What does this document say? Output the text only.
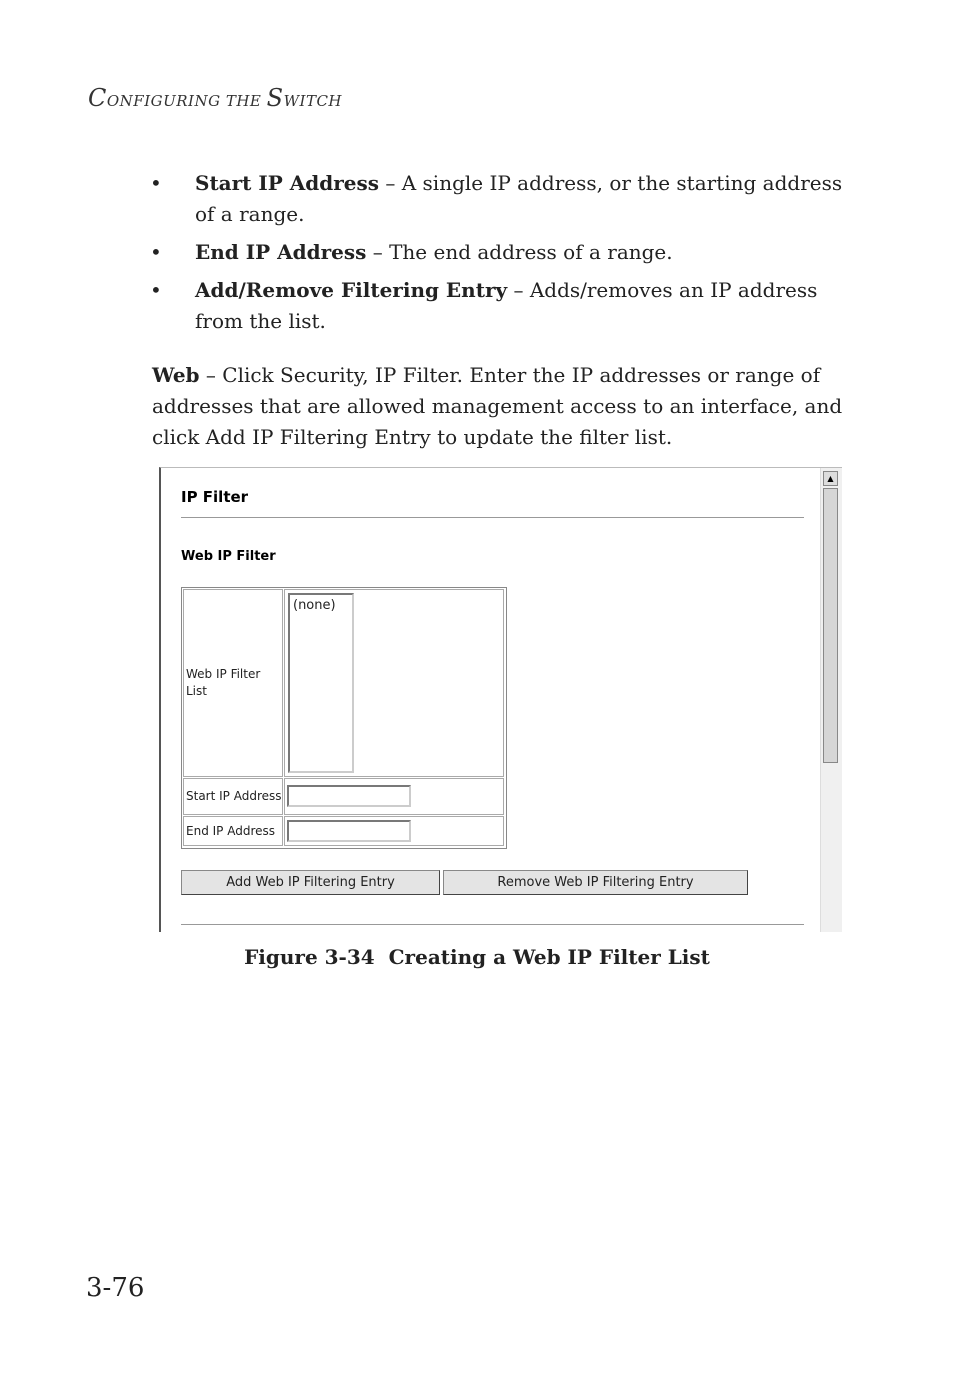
CONFIGURING THE SWITCH
• Start IP Address – A single IP address, or the starting address of a range.
• End IP Address – The end address of a range.
• Add/Remove Filtering Entry – Adds/removes an IP address from the list.

Web – Click Security, IP Filter. Enter the IP addresses or range of addresses that are allowed management access to an interface, and click Add IP Filtering Entry to update the filter list.

IP Filter
Web IP Filter
Web IP Filter List
(none)
Start IP Address
End IP Address
Add Web IP Filtering Entry	Remove Web IP Filtering Entry
▲
Figure 3-34 Creating a Web IP Filter List
3-76
